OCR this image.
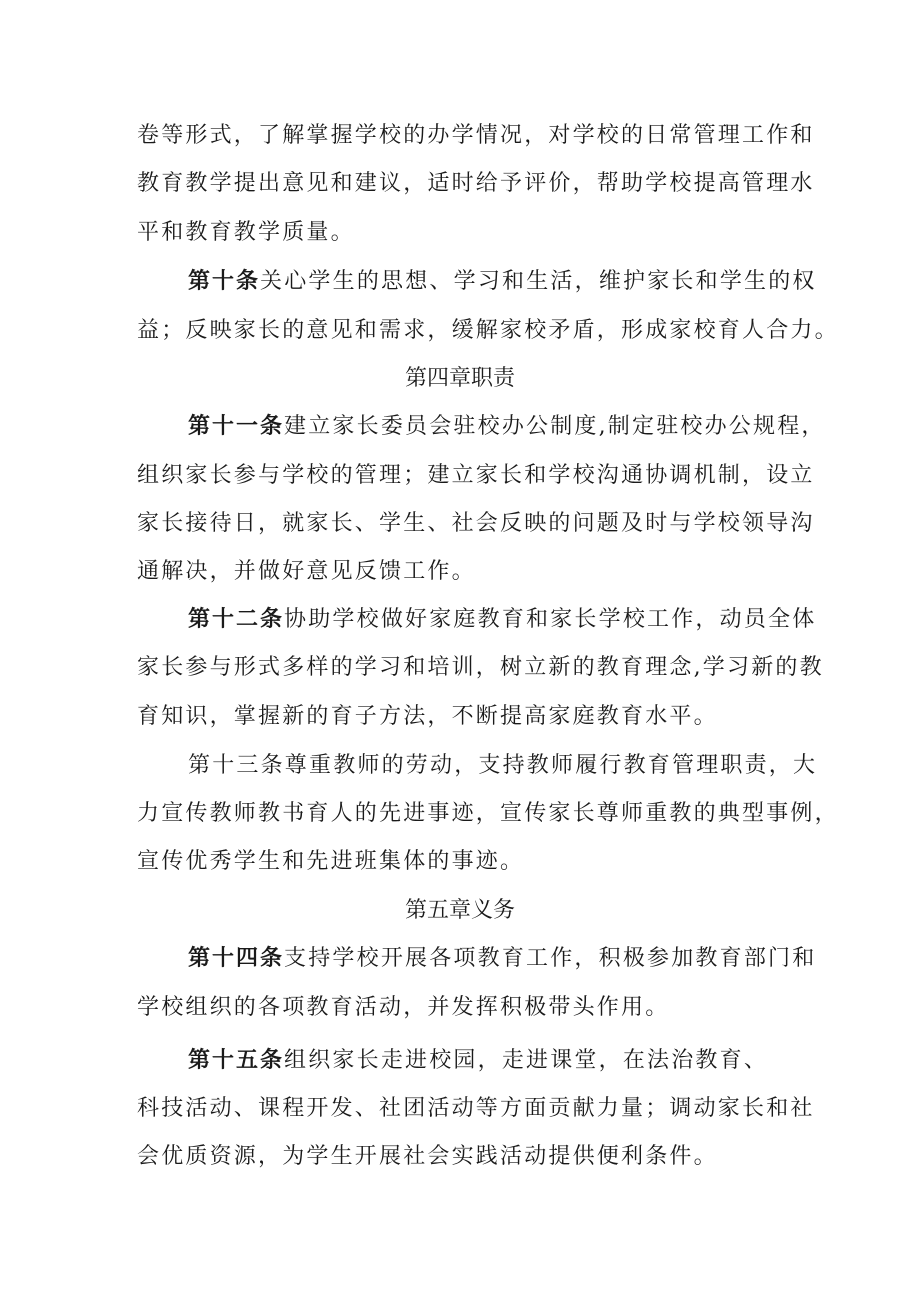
卷等形式，了解掌握学校的办学情况，对学校的日常管理工作和
教育教学提出意见和建议，适时给予评价，帮助学校提高管理水
平和教育教学质量。
第十条关心学生的思想、学习和生活，维护家长和学生的权
益；反映家长的意见和需求，缓解家校矛盾，形成家校育人合力。
第四章职责
第十一条建立家长委员会驻校办公制度,制定驻校办公规程，
组织家长参与学校的管理；建立家长和学校沟通协调机制，设立
家长接待日，就家长、学生、社会反映的问题及时与学校领导沟
通解决，并做好意见反馈工作。
第十二条协助学校做好家庭教育和家长学校工作，动员全体
家长参与形式多样的学习和培训，树立新的教育理念,学习新的教
育知识，掌握新的育子方法，不断提高家庭教育水平。
第十三条尊重教师的劳动，支持教师履行教育管理职责，大
力宣传教师教书育人的先进事迹，宣传家长尊师重教的典型事例，
宣传优秀学生和先进班集体的事迹。
第五章义务
第十四条支持学校开展各项教育工作，积极参加教育部门和
学校组织的各项教育活动，并发挥积极带头作用。
第十五条组织家长走进校园，走进课堂，在法治教育、
科技活动、课程开发、社团活动等方面贡献力量；调动家长和社
会优质资源，为学生开展社会实践活动提供便利条件。
